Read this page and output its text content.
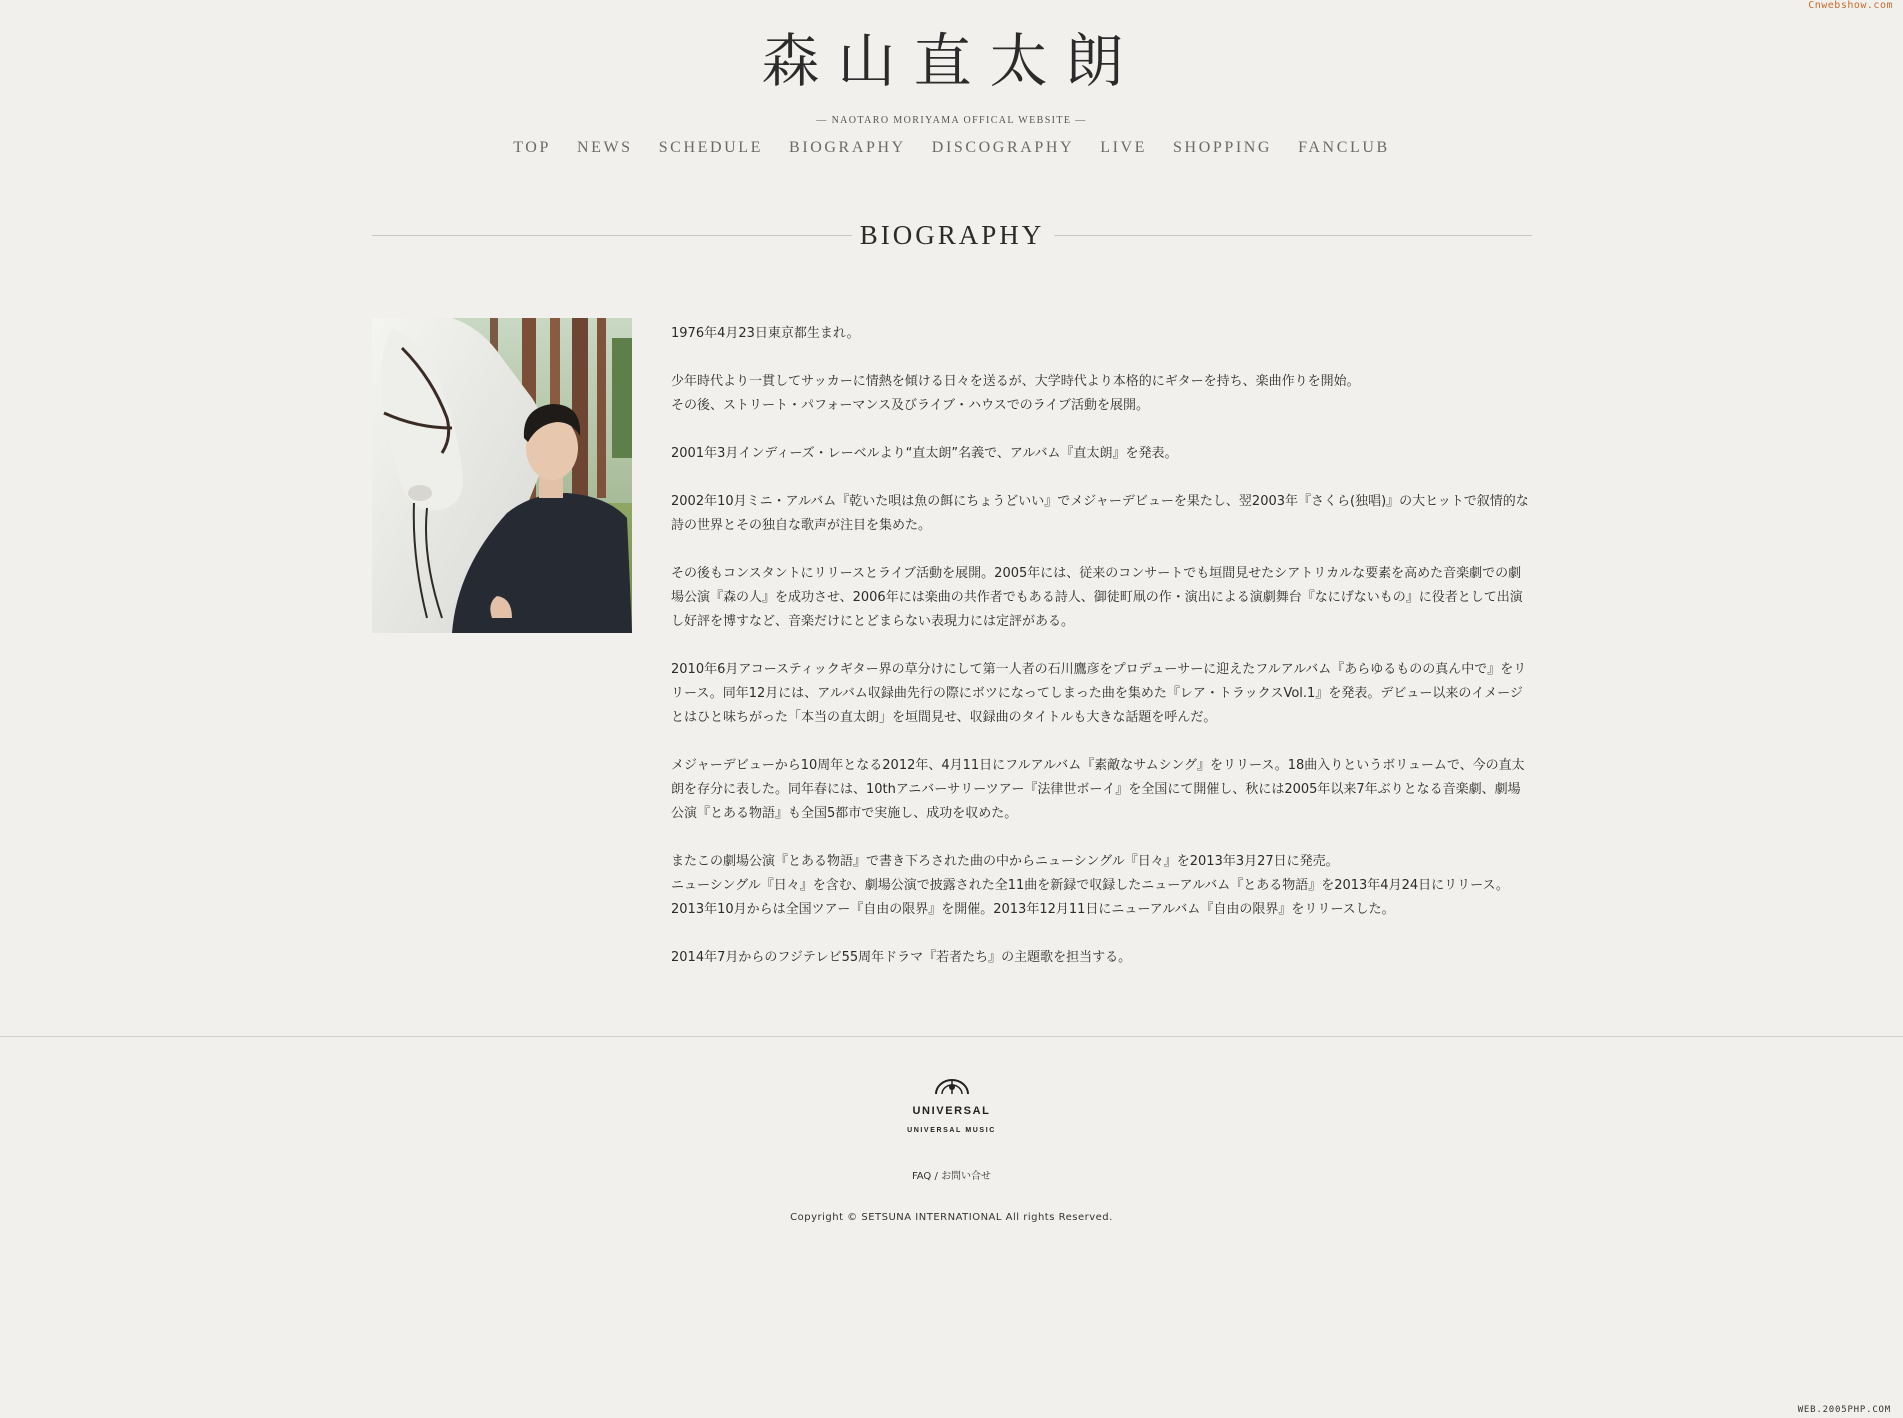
Cnwebshow.com
森山直太朗
— NAOTARO MORIYAMA OFFICAL WEBSITE —
TOP NEWS SCHEDULE BIOGRAPHY DISCOGRAPHY LIVE SHOPPING FANCLUB
BIOGRAPHY

1976年4月23日東京都生まれ。

少年時代より一貫してサッカーに情熱を傾ける日々を送るが、大学時代より本格的にギターを持ち、楽曲作りを開始。
その後、ストリート・パフォーマンス及びライブ・ハウスでのライブ活動を展開。

2001年3月インディーズ・レーベルより“直太朗”名義で、アルバム『直太朗』を発表。

2002年10月ミニ・アルバム『乾いた唄は魚の餌にちょうどいい』でメジャーデビューを果たし、翌2003年『さくら(独唱)』の大ヒットで叙情的な詩の世界とその独自な歌声が注目を集めた。

その後もコンスタントにリリースとライブ活動を展開。2005年には、従来のコンサートでも垣間見せたシアトリカルな要素を高めた音楽劇での劇場公演『森の人』を成功させ、2006年には楽曲の共作者でもある詩人、御徒町凧の作・演出による演劇舞台『なにげないもの』に役者として出演し好評を博すなど、音楽だけにとどまらない表現力には定評がある。

2010年6月アコースティックギター界の草分けにして第一人者の石川鷹彦をプロデューサーに迎えたフルアルバム『あらゆるものの真ん中で』をリリース。同年12月には、アルバム収録曲先行の際にボツになってしまった曲を集めた『レア・トラックスVol.1』を発表。デビュー以来のイメージとはひと味ちがった「本当の直太朗」を垣間見せ、収録曲のタイトルも大きな話題を呼んだ。

メジャーデビューから10周年となる2012年、4月11日にフルアルバム『素敵なサムシング』をリリース。18曲入りというボリュームで、今の直太朗を存分に表した。同年春には、10thアニバーサリーツアー『法律世ボーイ』を全国にて開催し、秋には2005年以来7年ぶりとなる音楽劇、劇場公演『とある物語』も全国5都市で実施し、成功を収めた。

またこの劇場公演『とある物語』で書き下ろされた曲の中からニューシングル『日々』を2013年3月27日に発売。
ニューシングル『日々』を含む、劇場公演で披露された全11曲を新録で収録したニューアルバム『とある物語』を2013年4月24日にリリース。2013年10月からは全国ツアー『自由の限界』を開催。2013年12月11日にニューアルバム『自由の限界』をリリースした。

2014年7月からのフジテレビ55周年ドラマ『若者たち』の主題歌を担当する。

UNIVERSAL
UNIVERSAL MUSIC
FAQ / お問い合せ
Copyright © SETSUNA INTERNATIONAL All rights Reserved.
WEB.2005PHP.COM
